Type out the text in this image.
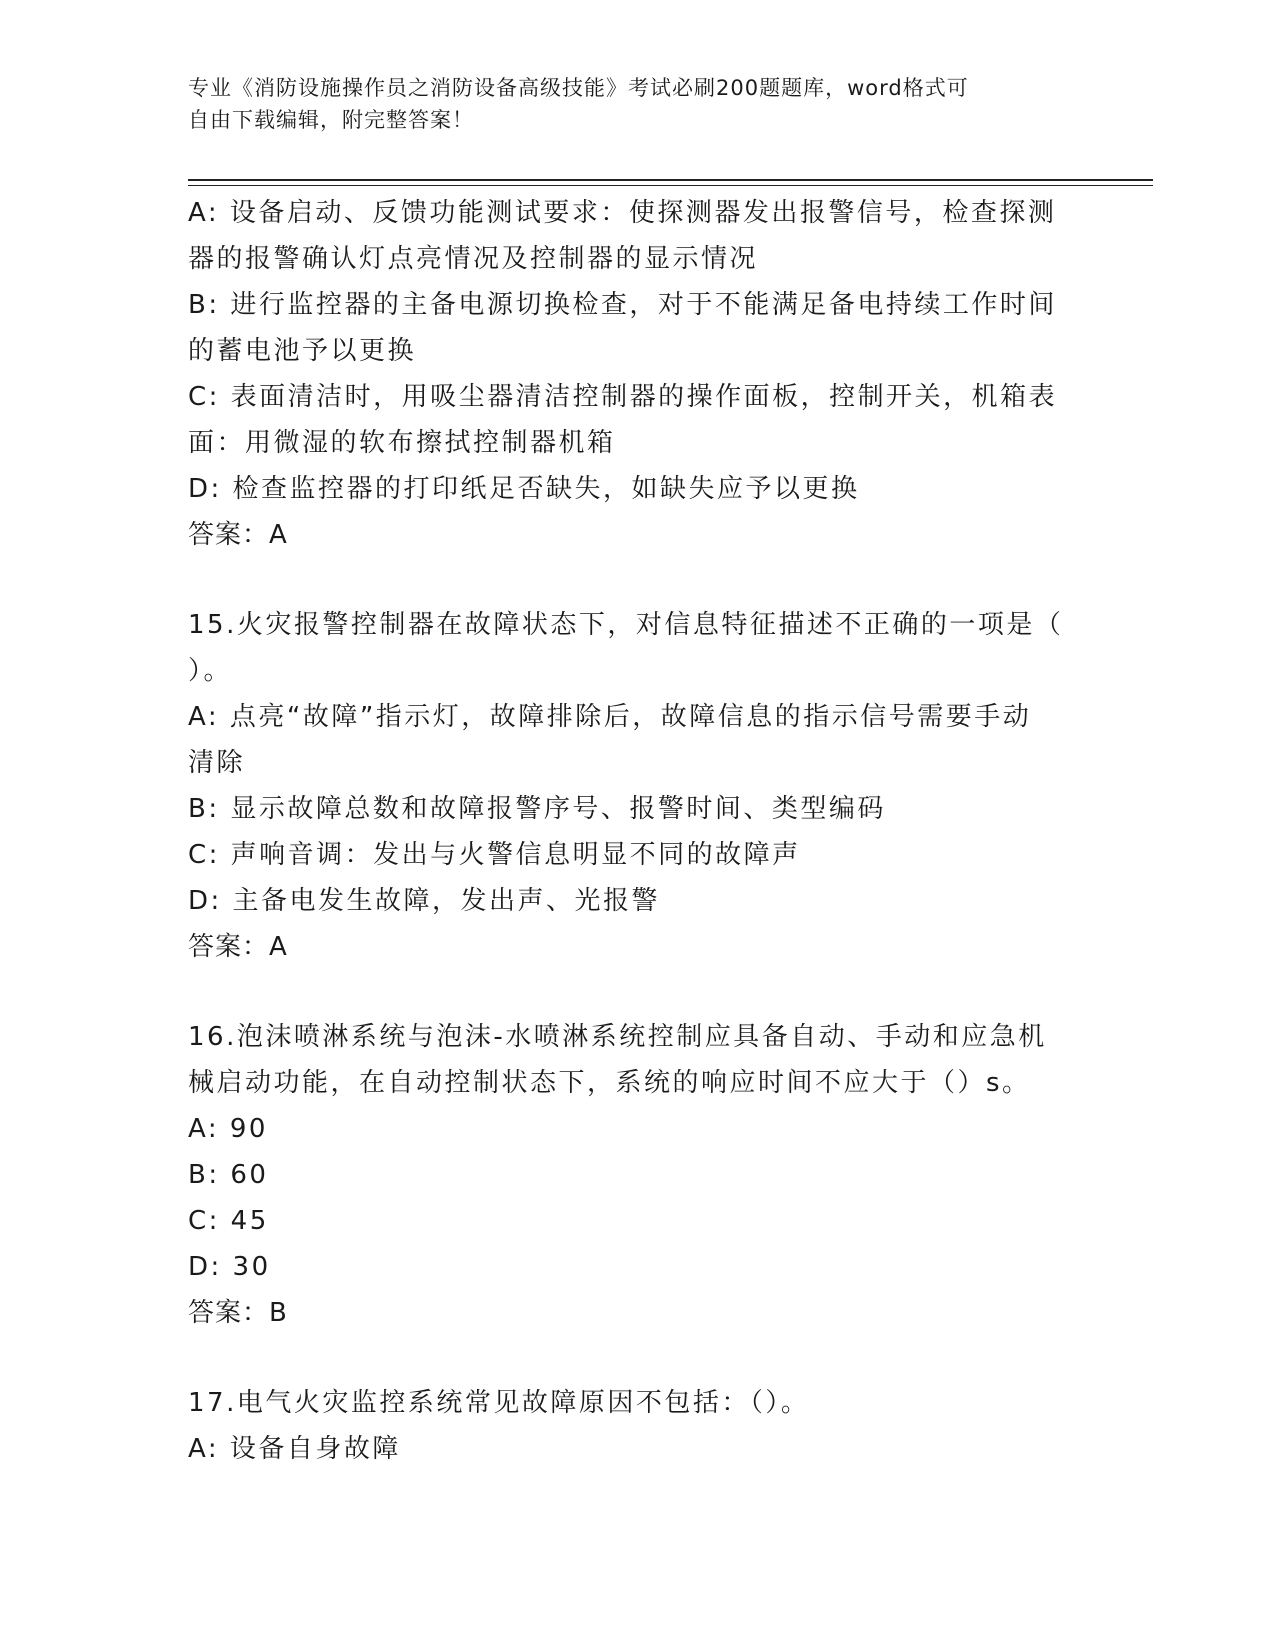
专业《消防设施操作员之消防设备高级技能》考试必刷200题题库，word格式可
自由下载编辑，附完整答案！
A: 设备启动、反馈功能测试要求：使探测器发出报警信号，检查探测
器的报警确认灯点亮情况及控制器的显示情况
B: 进行监控器的主备电源切换检查，对于不能满足备电持续工作时间
的蓄电池予以更换
C: 表面清洁时，用吸尘器清洁控制器的操作面板，控制开关，机箱表
面：用微湿的软布擦拭控制器机箱
D: 检查监控器的打印纸足否缺失，如缺失应予以更换
答案：A
15.火灾报警控制器在故障状态下，对信息特征描述不正确的一项是（
）。
A: 点亮“故障”指示灯，故障排除后，故障信息的指示信号需要手动
清除
B: 显示故障总数和故障报警序号、报警时间、类型编码
C: 声响音调：发出与火警信息明显不同的故障声
D: 主备电发生故障，发出声、光报警
答案：A
16.泡沫喷淋系统与泡沫-水喷淋系统控制应具备自动、手动和应急机
械启动功能，在自动控制状态下，系统的响应时间不应大于（）s。
A: 90
B: 60
C: 45
D: 30
答案：B
17.电气火灾监控系统常见故障原因不包括：（）。
A: 设备自身故障
